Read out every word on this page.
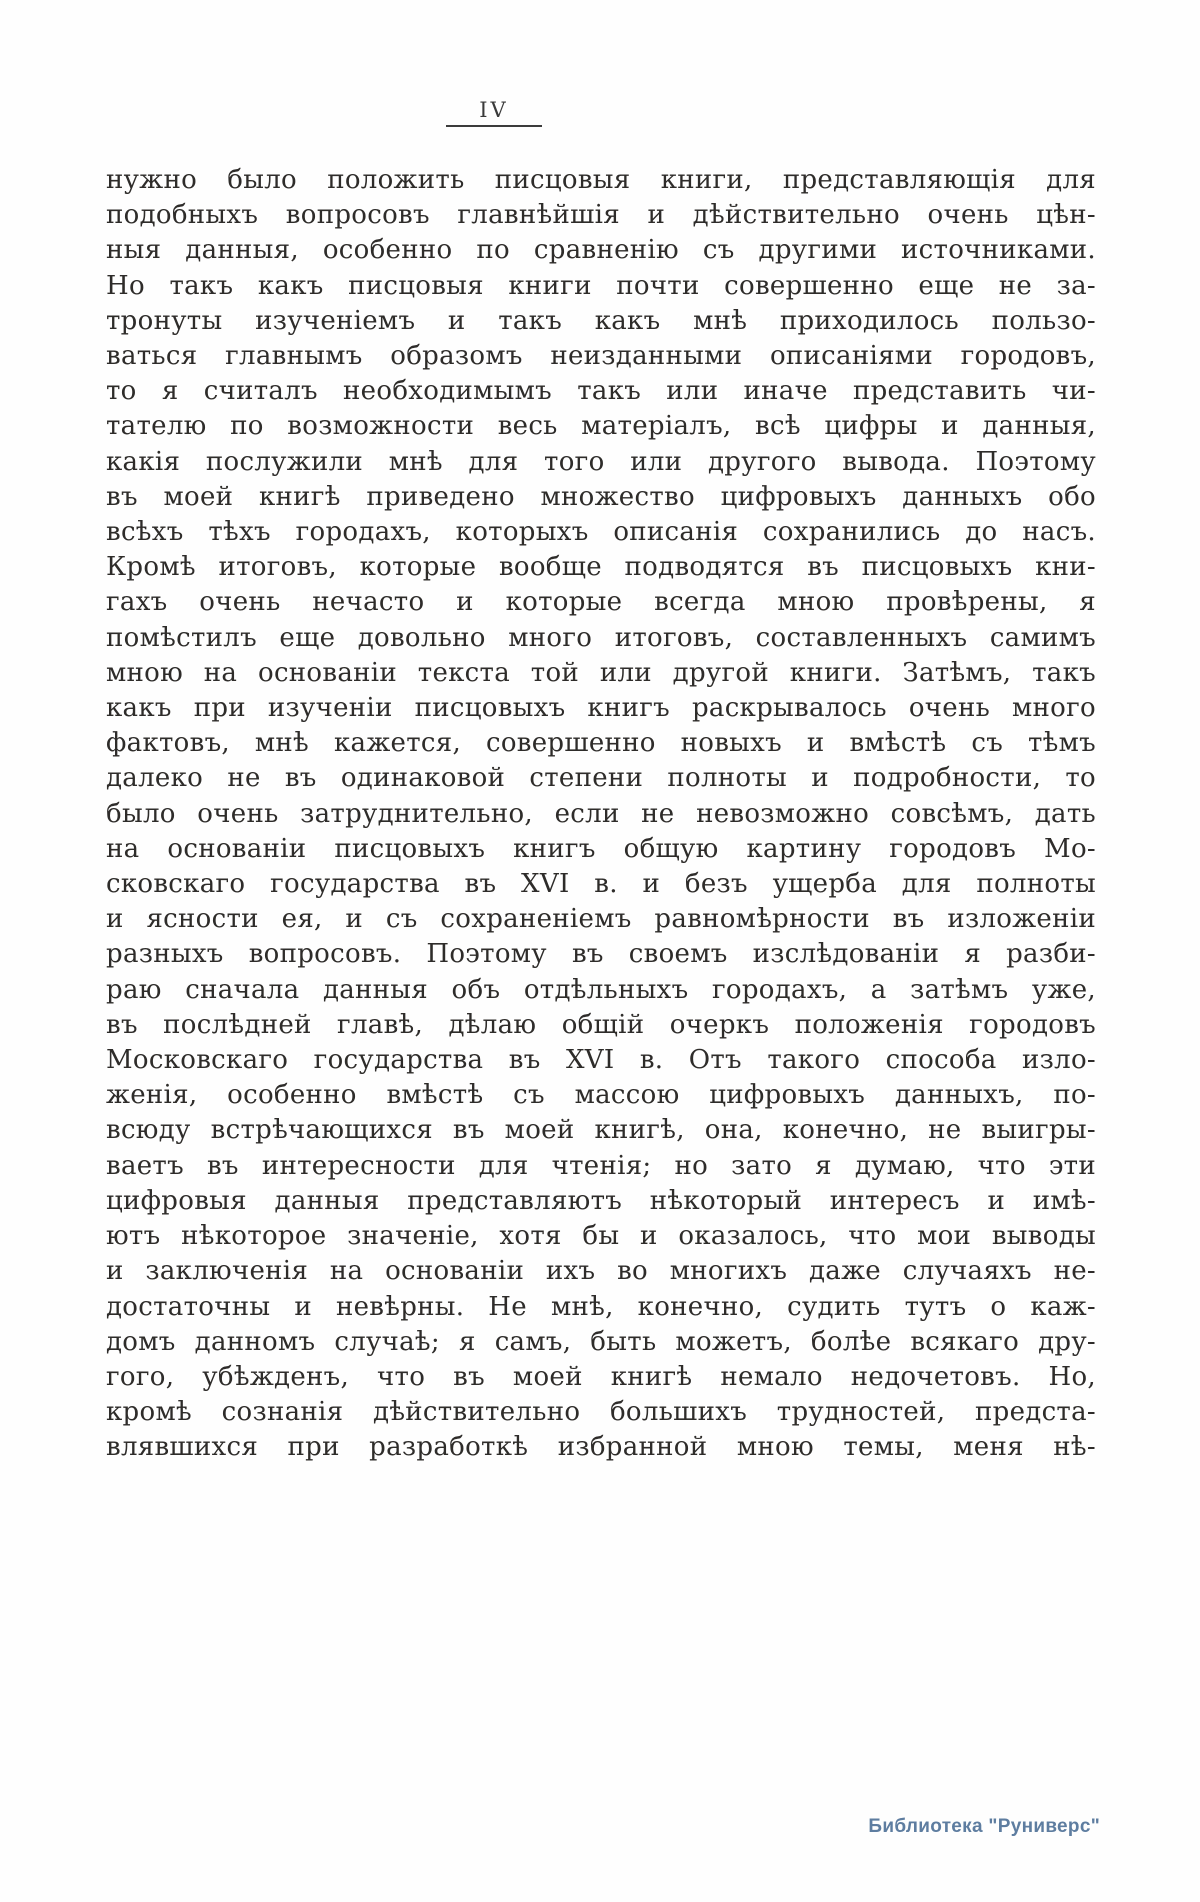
IV
нужно было положить писцовыя книги, представляющія для
подобныхъ вопросовъ главнѣйшія и дѣйствительно очень цѣн-
ныя данныя, особенно по сравненію съ другими источниками.
Но такъ какъ писцовыя книги почти совершенно еще не за-
тронуты изученіемъ и такъ какъ мнѣ приходилось пользо-
ваться главнымъ образомъ неизданными описаніями городовъ,
то я считалъ необходимымъ такъ или иначе представить чи-
тателю по возможности весь матеріалъ, всѣ цифры и данныя,
какія послужили мнѣ для того или другого вывода. Поэтому
въ моей книгѣ приведено множество цифровыхъ данныхъ обо
всѣхъ тѣхъ городахъ, которыхъ описанія сохранились до насъ.
Кромѣ итоговъ, которые вообще подводятся въ писцовыхъ кни-
гахъ очень нечасто и которые всегда мною провѣрены, я
помѣстилъ еще довольно много итоговъ, составленныхъ самимъ
мною на основаніи текста той или другой книги. Затѣмъ, такъ
какъ при изученіи писцовыхъ книгъ раскрывалось очень много
фактовъ, мнѣ кажется, совершенно новыхъ и вмѣстѣ съ тѣмъ
далеко не въ одинаковой степени полноты и подробности, то
было очень затруднительно, если не невозможно совсѣмъ, дать
на основаніи писцовыхъ книгъ общую картину городовъ Мо-
сковскаго государства въ XVI в. и безъ ущерба для полноты
и ясности ея, и съ сохраненіемъ равномѣрности въ изложеніи
разныхъ вопросовъ. Поэтому въ своемъ изслѣдованіи я разби-
раю сначала данныя объ отдѣльныхъ городахъ, а затѣмъ уже,
въ послѣдней главѣ, дѣлаю общій очеркъ положенія городовъ
Московскаго государства въ XVI в. Отъ такого способа изло-
женія, особенно вмѣстѣ съ массою цифровыхъ данныхъ, по-
всюду встрѣчающихся въ моей книгѣ, она, конечно, не выигры-
ваетъ въ интересности для чтенія; но зато я думаю, что эти
цифровыя данныя представляютъ нѣкоторый интересъ и имѣ-
ютъ нѣкоторое значеніе, хотя бы и оказалось, что мои выводы
и заключенія на основаніи ихъ во многихъ даже случаяхъ не-
достаточны и невѣрны. Не мнѣ, конечно, судить тутъ о каж-
домъ данномъ случаѣ; я самъ, быть можетъ, болѣе всякаго дру-
гого, убѣжденъ, что въ моей книгѣ немало недочетовъ. Но,
кромѣ сознанія дѣйствительно большихъ трудностей, предста-
влявшихся при разработкѣ избранной мною темы, меня нѣ-
Библиотека "Руниверс"
